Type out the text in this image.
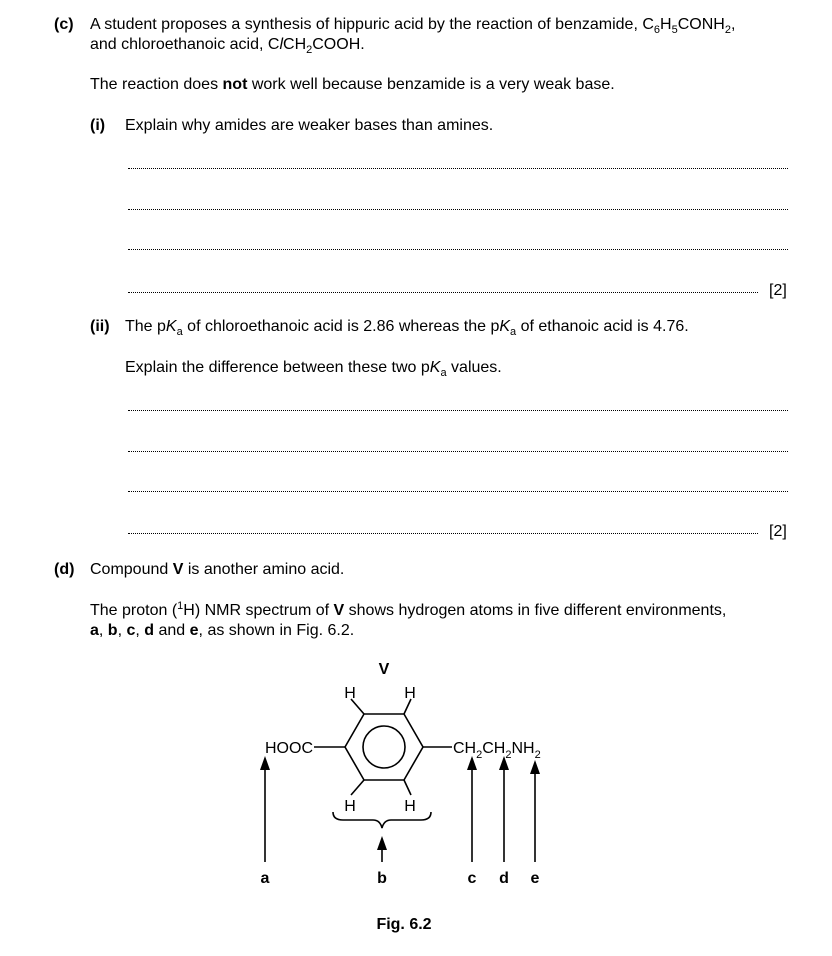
(c) A student proposes a synthesis of hippuric acid by the reaction of benzamide, $C_6H_5CONH_2$,
and chloroethanoic acid, ClCH$_2$COOH.
The reaction does not work well because benzamide is a very weak base.
(i) Explain why amides are weaker bases than amines.
[2]
(ii) The $pK_a$ of chloroethanoic acid is 2.86 whereas the $pK_a$ of ethanoic acid is 4.76.
Explain the difference between these two $pK_a$ values.
[2]
(d) Compound V is another amino acid.
The proton ($^1$H) NMR spectrum of V shows hydrogen atoms in five different environments,
a, b, c, d and e, as shown in Fig. 6.2.
V
H	H
H	H
HOOC	$CH_2CH_2NH_2$
a	b	c d e
Fig. 6.2
